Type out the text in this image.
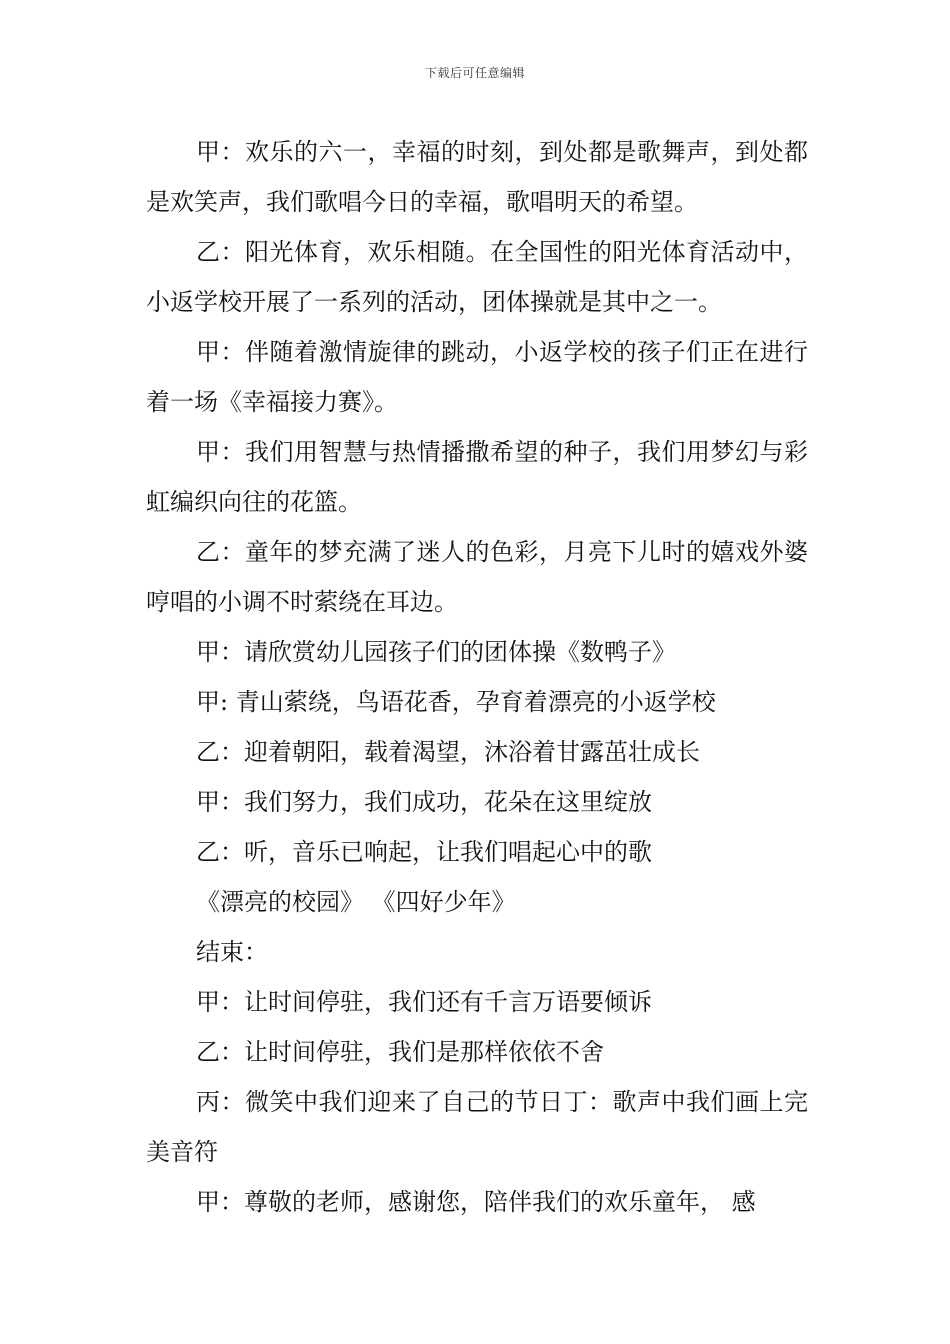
下载后可任意编辑

甲：欢乐的六一，幸福的时刻，到处都是歌舞声，到处都是欢笑声，我们歌唱今日的幸福，歌唱明天的希望。

乙：阳光体育，欢乐相随。在全国性的阳光体育活动中，小返学校开展了一系列的活动，团体操就是其中之一。

甲：伴随着激情旋律的跳动，小返学校的孩子们正在进行着一场《幸福接力赛》。

甲：我们用智慧与热情播撒希望的种子，我们用梦幻与彩虹编织向往的花篮。

乙：童年的梦充满了迷人的色彩，月亮下儿时的嬉戏外婆哼唱的小调不时萦绕在耳边。

甲：请欣赏幼儿园孩子们的团体操《数鸭子》

甲: 青山萦绕，鸟语花香，孕育着漂亮的小返学校

乙：迎着朝阳，载着渴望，沐浴着甘露茁壮成长

甲：我们努力，我们成功，花朵在这里绽放

乙：听，音乐已响起，让我们唱起心中的歌

《漂亮的校园》 《四好少年》

结束：

甲：让时间停驻，我们还有千言万语要倾诉

乙：让时间停驻，我们是那样依依不舍

丙：微笑中我们迎来了自己的节日丁：歌声中我们画上完美音符

甲：尊敬的老师，感谢您，陪伴我们的欢乐童年， 感
